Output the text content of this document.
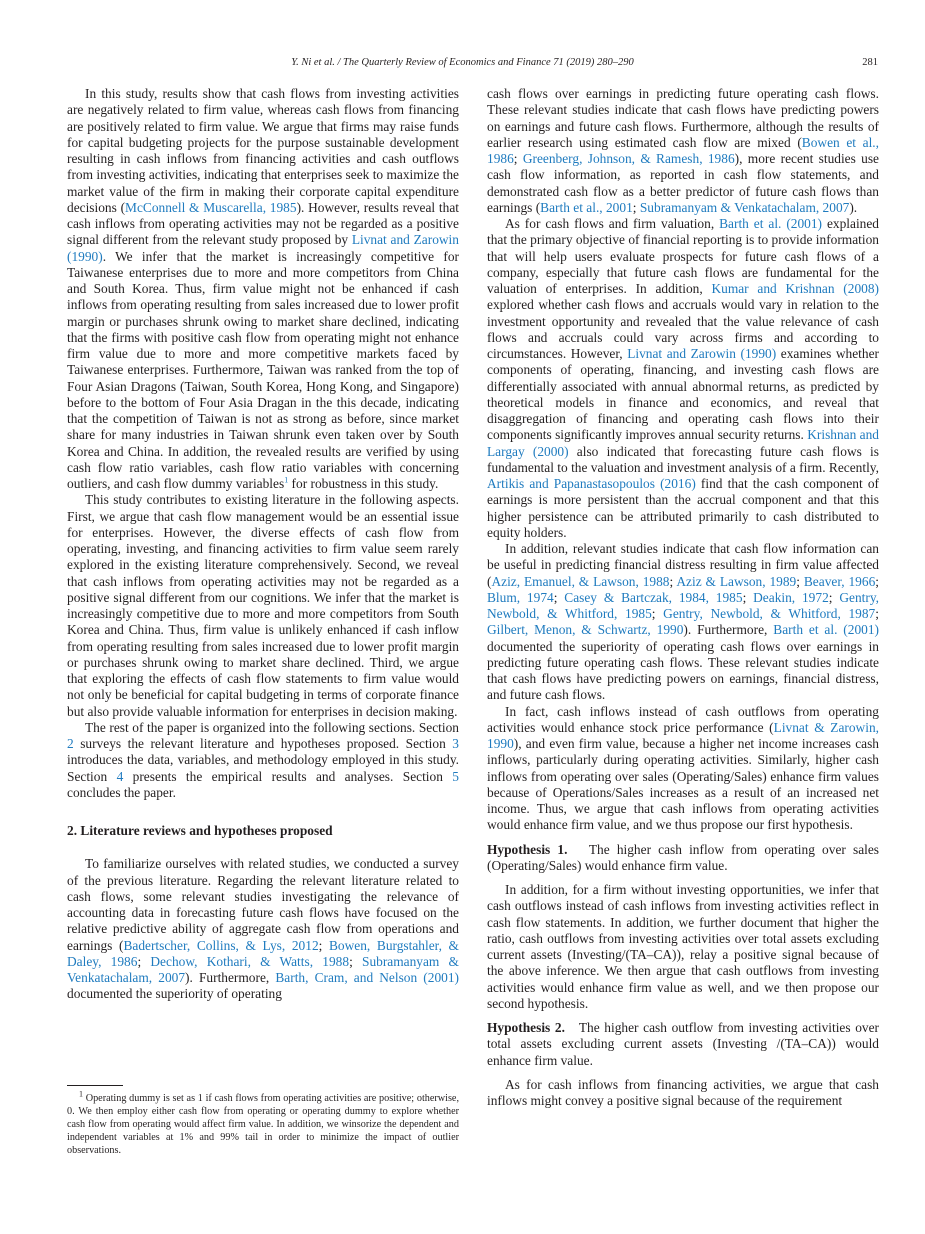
Y. Ni et al. / The Quarterly Review of Economics and Finance 71 (2019) 280–290	281

In this study, results show that cash flows from investing activities are negatively related to firm value, whereas cash flows from financing are positively related to firm value. We argue that firms may raise funds for capital budgeting projects for the purpose sustainable development resulting in cash inflows from financing activities and cash outflows from investing activities, indicating that enterprises seek to maximize the market value of the firm in making their corporate capital expenditure decisions (McConnell & Muscarella, 1985). However, results reveal that cash inflows from operating activities may not be regarded as a positive signal different from the relevant study proposed by Livnat and Zarowin (1990). We infer that the market is increasingly competitive for Taiwanese enterprises due to more and more competitors from China and South Korea. Thus, firm value might not be enhanced if cash inflows from operating resulting from sales increased due to lower profit margin or purchases shrunk owing to market share declined, indicating that the firms with positive cash flow from operating might not enhance firm value due to more and more competitive markets faced by Taiwanese enterprises. Furthermore, Taiwan was ranked from the top of Four Asian Dragons (Taiwan, South Korea, Hong Kong, and Singapore) before to the bottom of Four Asia Dragan in the this decade, indicating that the competition of Taiwan is not as strong as before, since market share for many industries in Taiwan shrunk even taken over by South Korea and China. In addition, the revealed results are verified by using cash flow ratio variables, cash flow ratio variables with concerning outliers, and cash flow dummy variables$^1$ for robustness in this study.

This study contributes to existing literature in the following aspects. First, we argue that cash flow management would be an essential issue for enterprises. However, the diverse effects of cash flow from operating, investing, and financing activities to firm value seem rarely explored in the existing literature comprehensively. Second, we reveal that cash inflows from operating activities may not be regarded as a positive signal different from our cognitions. We infer that the market is increasingly competitive due to more and more competitors from South Korea and China. Thus, firm value is unlikely enhanced if cash inflow from operating resulting from sales increased due to lower profit margin or purchases shrunk owing to market share declined. Third, we argue that exploring the effects of cash flow statements to firm value would not only be beneficial for capital budgeting in terms of corporate finance but also provide valuable information for enterprises in decision making.

The rest of the paper is organized into the following sections. Section 2 surveys the relevant literature and hypotheses proposed. Section 3 introduces the data, variables, and methodology employed in this study. Section 4 presents the empirical results and analyses. Section 5 concludes the paper.

2. Literature reviews and hypotheses proposed

To familiarize ourselves with related studies, we conducted a survey of the previous literature. Regarding the relevant literature related to cash flows, some relevant studies investigating the relevance of accounting data in forecasting future cash flows have focused on the relative predictive ability of aggregate cash flow from operations and earnings (Badertscher, Collins, & Lys, 2012; Bowen, Burgstahler, & Daley, 1986; Dechow, Kothari, & Watts, 1988; Subramanyam & Venkatachalam, 2007). Furthermore, Barth, Cram, and Nelson (2001) documented the superiority of operating

$^1$ Operating dummy is set as 1 if cash flows from operating activities are positive; otherwise, 0. We then employ either cash flow from operating or operating dummy to explore whether cash flow from operating would affect firm value. In addition, we winsorize the dependent and independent variables at 1% and 99% tail in order to minimize the impact of outlier observations.

cash flows over earnings in predicting future operating cash flows. These relevant studies indicate that cash flows have predicting powers on earnings and future cash flows. Furthermore, although the results of earlier research using estimated cash flow are mixed (Bowen et al., 1986; Greenberg, Johnson, & Ramesh, 1986), more recent studies use cash flow information, as reported in cash flow statements, and demonstrated cash flow as a better predictor of future cash flows than earnings (Barth et al., 2001; Subramanyam & Venkatachalam, 2007).

As for cash flows and firm valuation, Barth et al. (2001) explained that the primary objective of financial reporting is to provide information that will help users evaluate prospects for future cash flows of a company, especially that future cash flows are fundamental for the valuation of enterprises. In addition, Kumar and Krishnan (2008) explored whether cash flows and accruals would vary in relation to the investment opportunity and revealed that the value relevance of cash flows and accruals could vary across firms and according to circumstances. However, Livnat and Zarowin (1990) examines whether components of operating, financing, and investing cash flows are differentially associated with annual abnormal returns, as predicted by theoretical models in finance and economics, and reveal that disaggregation of financing and operating cash flows into their components significantly improves annual security returns. Krishnan and Largay (2000) also indicated that forecasting future cash flows is fundamental to the valuation and investment analysis of a firm. Recently, Artikis and Papanastasopoulos (2016) find that the cash component of earnings is more persistent than the accrual component and that this higher persistence can be attributed primarily to cash distributed to equity holders.

In addition, relevant studies indicate that cash flow information can be useful in predicting financial distress resulting in firm value affected (Aziz, Emanuel, & Lawson, 1988; Aziz & Lawson, 1989; Beaver, 1966; Blum, 1974; Casey & Bartczak, 1984, 1985; Deakin, 1972; Gentry, Newbold, & Whitford, 1985; Gentry, Newbold, & Whitford, 1987; Gilbert, Menon, & Schwartz, 1990). Furthermore, Barth et al. (2001) documented the superiority of operating cash flows over earnings in predicting future operating cash flows. These relevant studies indicate that cash flows have predicting powers on earnings, financial distress, and future cash flows.

In fact, cash inflows instead of cash outflows from operating activities would enhance stock price performance (Livnat & Zarowin, 1990), and even firm value, because a higher net income increases cash inflows, particularly during operating activities. Similarly, higher cash inflows from operating over sales (Operating/Sales) enhance firm values because of Operations/Sales increases as a result of an increased net income. Thus, we argue that cash inflows from operating activities would enhance firm value, and we thus propose our first hypothesis.

Hypothesis 1. The higher cash inflow from operating over sales (Operating/Sales) would enhance firm value.

In addition, for a firm without investing opportunities, we infer that cash outflows instead of cash inflows from investing activities reflect in cash flow statements. In addition, we further document that higher the ratio, cash outflows from investing activities over total assets excluding current assets (Investing/(TA–CA)), relay a positive signal because of the above inference. We then argue that cash outflows from investing activities would enhance firm value as well, and we then propose our second hypothesis.

Hypothesis 2. The higher cash outflow from investing activities over total assets excluding current assets (Investing /(TA–CA)) would enhance firm value.

As for cash inflows from financing activities, we argue that cash inflows might convey a positive signal because of the requirement
